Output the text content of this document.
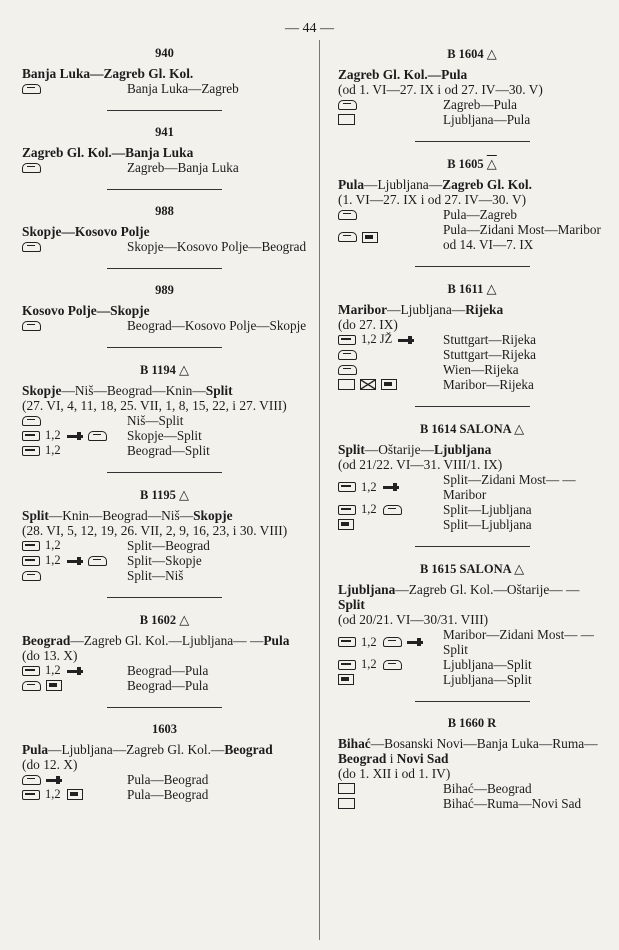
— 44 —
940
Banja Luka—Zagreb Gl. Kol.
Banja Luka—Zagreb
941
Zagreb Gl. Kol.—Banja Luka
Zagreb—Banja Luka
988
Skopje—Kosovo Polje
Skopje—Kosovo Polje—Beograd
989
Kosovo Polje—Skopje
Beograd—Kosovo Polje—Skopje
B 1194 △
Skopje—Niš—Beograd—Knin—Split
(27. VI, 4, 11, 18, 25. VII, 1, 8, 15, 22, i 27. VIII)
Niš—Split
1,2	Skopje—Split
1,2	Beograd—Split
B 1195 △
Split—Knin—Beograd—Niš—Skopje
(28. VI, 5, 12, 19, 26. VII, 2, 9, 16, 23, i 30. VIII)
1,2	Split—Beograd
1,2	Split—Skopje
Split—Niš
B 1602 △
Beograd—Zagreb Gl. Kol.—Ljubljana— —Pula
(do 13. X)
1,2	Beograd—Pula
Beograd—Pula
1603
Pula—Ljubljana—Zagreb Gl. Kol.—Beograd
(do 12. X)
Pula—Beograd
1,2	Pula—Beograd
B 1604 △
Zagreb Gl. Kol.—Pula
(od 1. VI—27. IX i od 27. IV—30. V)
Zagreb—Pula
Ljubljana—Pula
B 1605 △
Pula—Ljubljana—Zagreb Gl. Kol.
(1. VI—27. IX i od 27. IV—30. V)
Pula—Zagreb
Pula—Zidani Most—Maribor od 14. VI—7. IX
B 1611 △
Maribor—Ljubljana—Rijeka
(do 27. IX)
1,2 JŽ	Stuttgart—Rijeka
Stuttgart—Rijeka
Wien—Rijeka
Maribor—Rijeka
B 1614 SALONA △
Split—Oštarije—Ljubljana
(od 21/22. VI—31. VIII/1. IX)
1,2	Split—Zidani Most— —Maribor
1,2	Split—Ljubljana
Split—Ljubljana
B 1615 SALONA △
Ljubljana—Zagreb Gl. Kol.—Oštarije— —Split
(od 20/21. VI—30/31. VIII)
1,2	Maribor—Zidani Most— —Split
1,2	Ljubljana—Split
Ljubljana—Split
B 1660 R
Bihać—Bosanski Novi—Banja Luka—Ruma—Beograd i Novi Sad
(do 1. XII i od 1. IV)
Bihać—Beograd
Bihać—Ruma—Novi Sad
